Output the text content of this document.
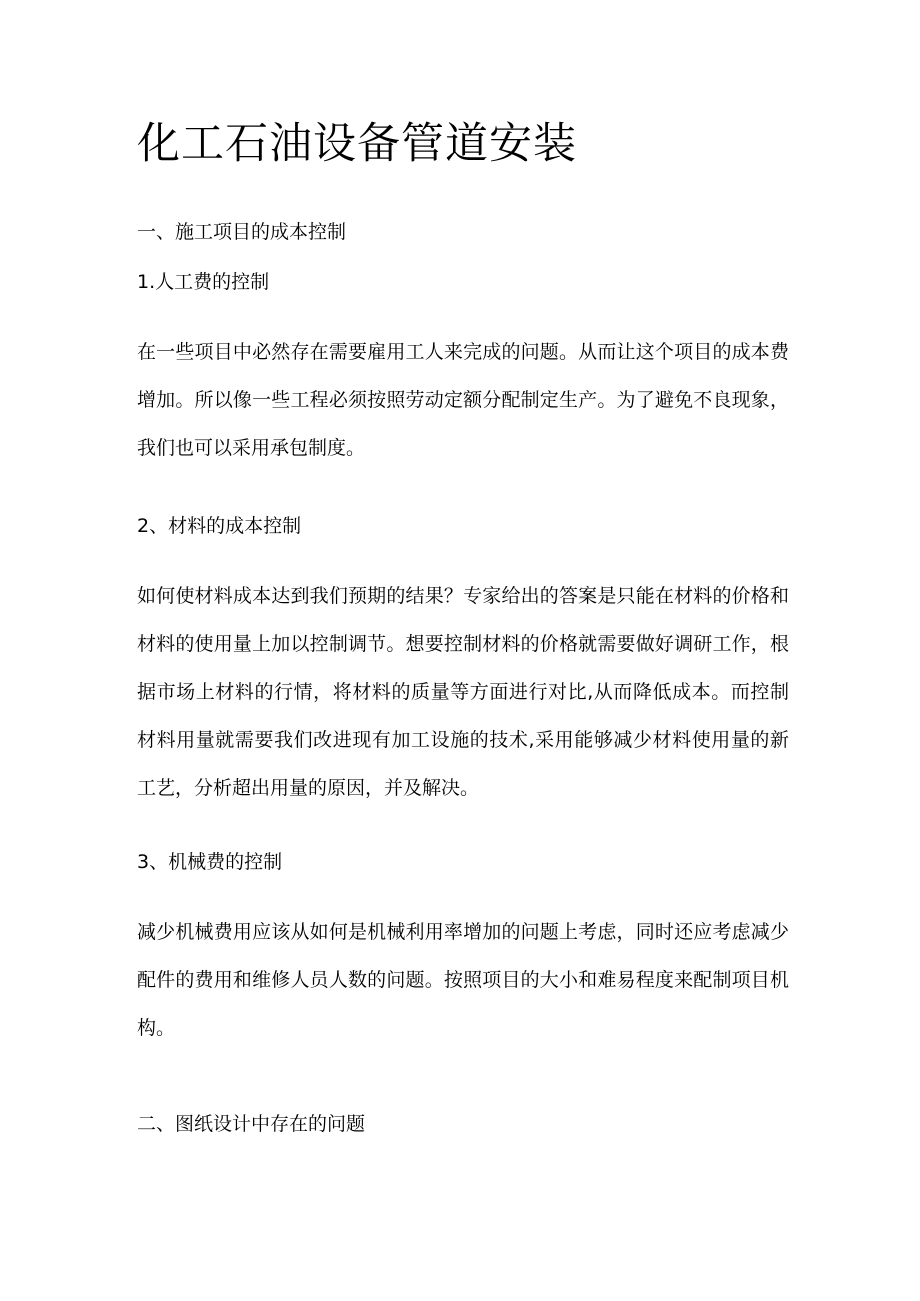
化工石油设备管道安装
一、施工项目的成本控制
1.人工费的控制

在一些项目中必然存在需要雇用工人来完成的问题。从而让这个项目的成本费增加。所以像一些工程必须按照劳动定额分配制定生产。为了避免不良现象，我们也可以采用承包制度。

2、材料的成本控制

如何使材料成本达到我们预期的结果？专家给出的答案是只能在材料的价格和材料的使用量上加以控制调节。想要控制材料的价格就需要做好调研工作，根据市场上材料的行情，将材料的质量等方面进行对比,从而降低成本。而控制材料用量就需要我们改进现有加工设施的技术,采用能够减少材料使用量的新工艺，分析超出用量的原因，并及解决。

3、机械费的控制

减少机械费用应该从如何是机械利用率增加的问题上考虑，同时还应考虑减少配件的费用和维修人员人数的问题。按照项目的大小和难易程度来配制项目机构。

二、图纸设计中存在的问题
